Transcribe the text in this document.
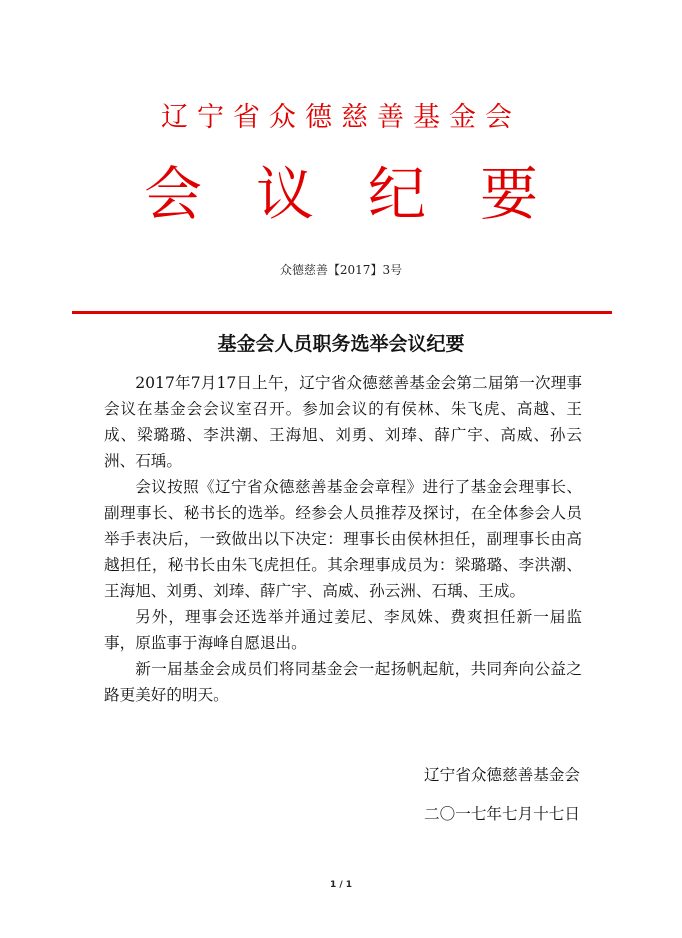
辽宁省众德慈善基金会
会议纪要
众德慈善【2017】3号
基金会人员职务选举会议纪要

2017年7月17日上午，辽宁省众德慈善基金会第二届第一次理事会议在基金会会议室召开。参加会议的有侯林、朱飞虎、高越、王成、梁璐璐、李洪潮、王海旭、刘勇、刘琫、薛广宇、高威、孙云洲、石瑀。

会议按照《辽宁省众德慈善基金会章程》进行了基金会理事长、副理事长、秘书长的选举。经参会人员推荐及探讨，在全体参会人员举手表决后，一致做出以下决定：理事长由侯林担任，副理事长由高越担任，秘书长由朱飞虎担任。其余理事成员为：梁璐璐、李洪潮、王海旭、刘勇、刘琫、薛广宇、高威、孙云洲、石瑀、王成。

另外，理事会还选举并通过姜尼、李凤姝、费爽担任新一届监事，原监事于海峰自愿退出。

新一届基金会成员们将同基金会一起扬帆起航，共同奔向公益之路更美好的明天。

辽宁省众德慈善基金会
二〇一七年七月十七日
1 / 1
